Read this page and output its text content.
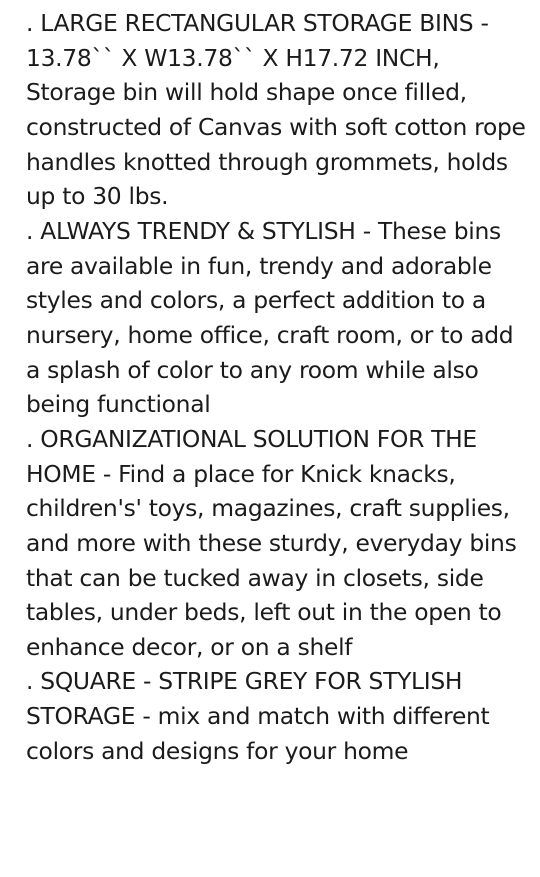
. LARGE RECTANGULAR STORAGE BINS - 13.78`` X W13.78`` X H17.72 INCH, Storage bin will hold shape once filled, constructed of Canvas with soft cotton rope handles knotted through grommets, holds up to 30 lbs.

. ALWAYS TRENDY & STYLISH - These bins are available in fun, trendy and adorable styles and colors, a perfect addition to a nursery, home office, craft room, or to add a splash of color to any room while also being functional

. ORGANIZATIONAL SOLUTION FOR THE HOME - Find a place for Knick knacks, children's' toys, magazines, craft supplies, and more with these sturdy, everyday bins that can be tucked away in closets, side tables, under beds, left out in the open to enhance decor, or on a shelf

. SQUARE - STRIPE GREY FOR STYLISH STORAGE - mix and match with different colors and designs for your home
